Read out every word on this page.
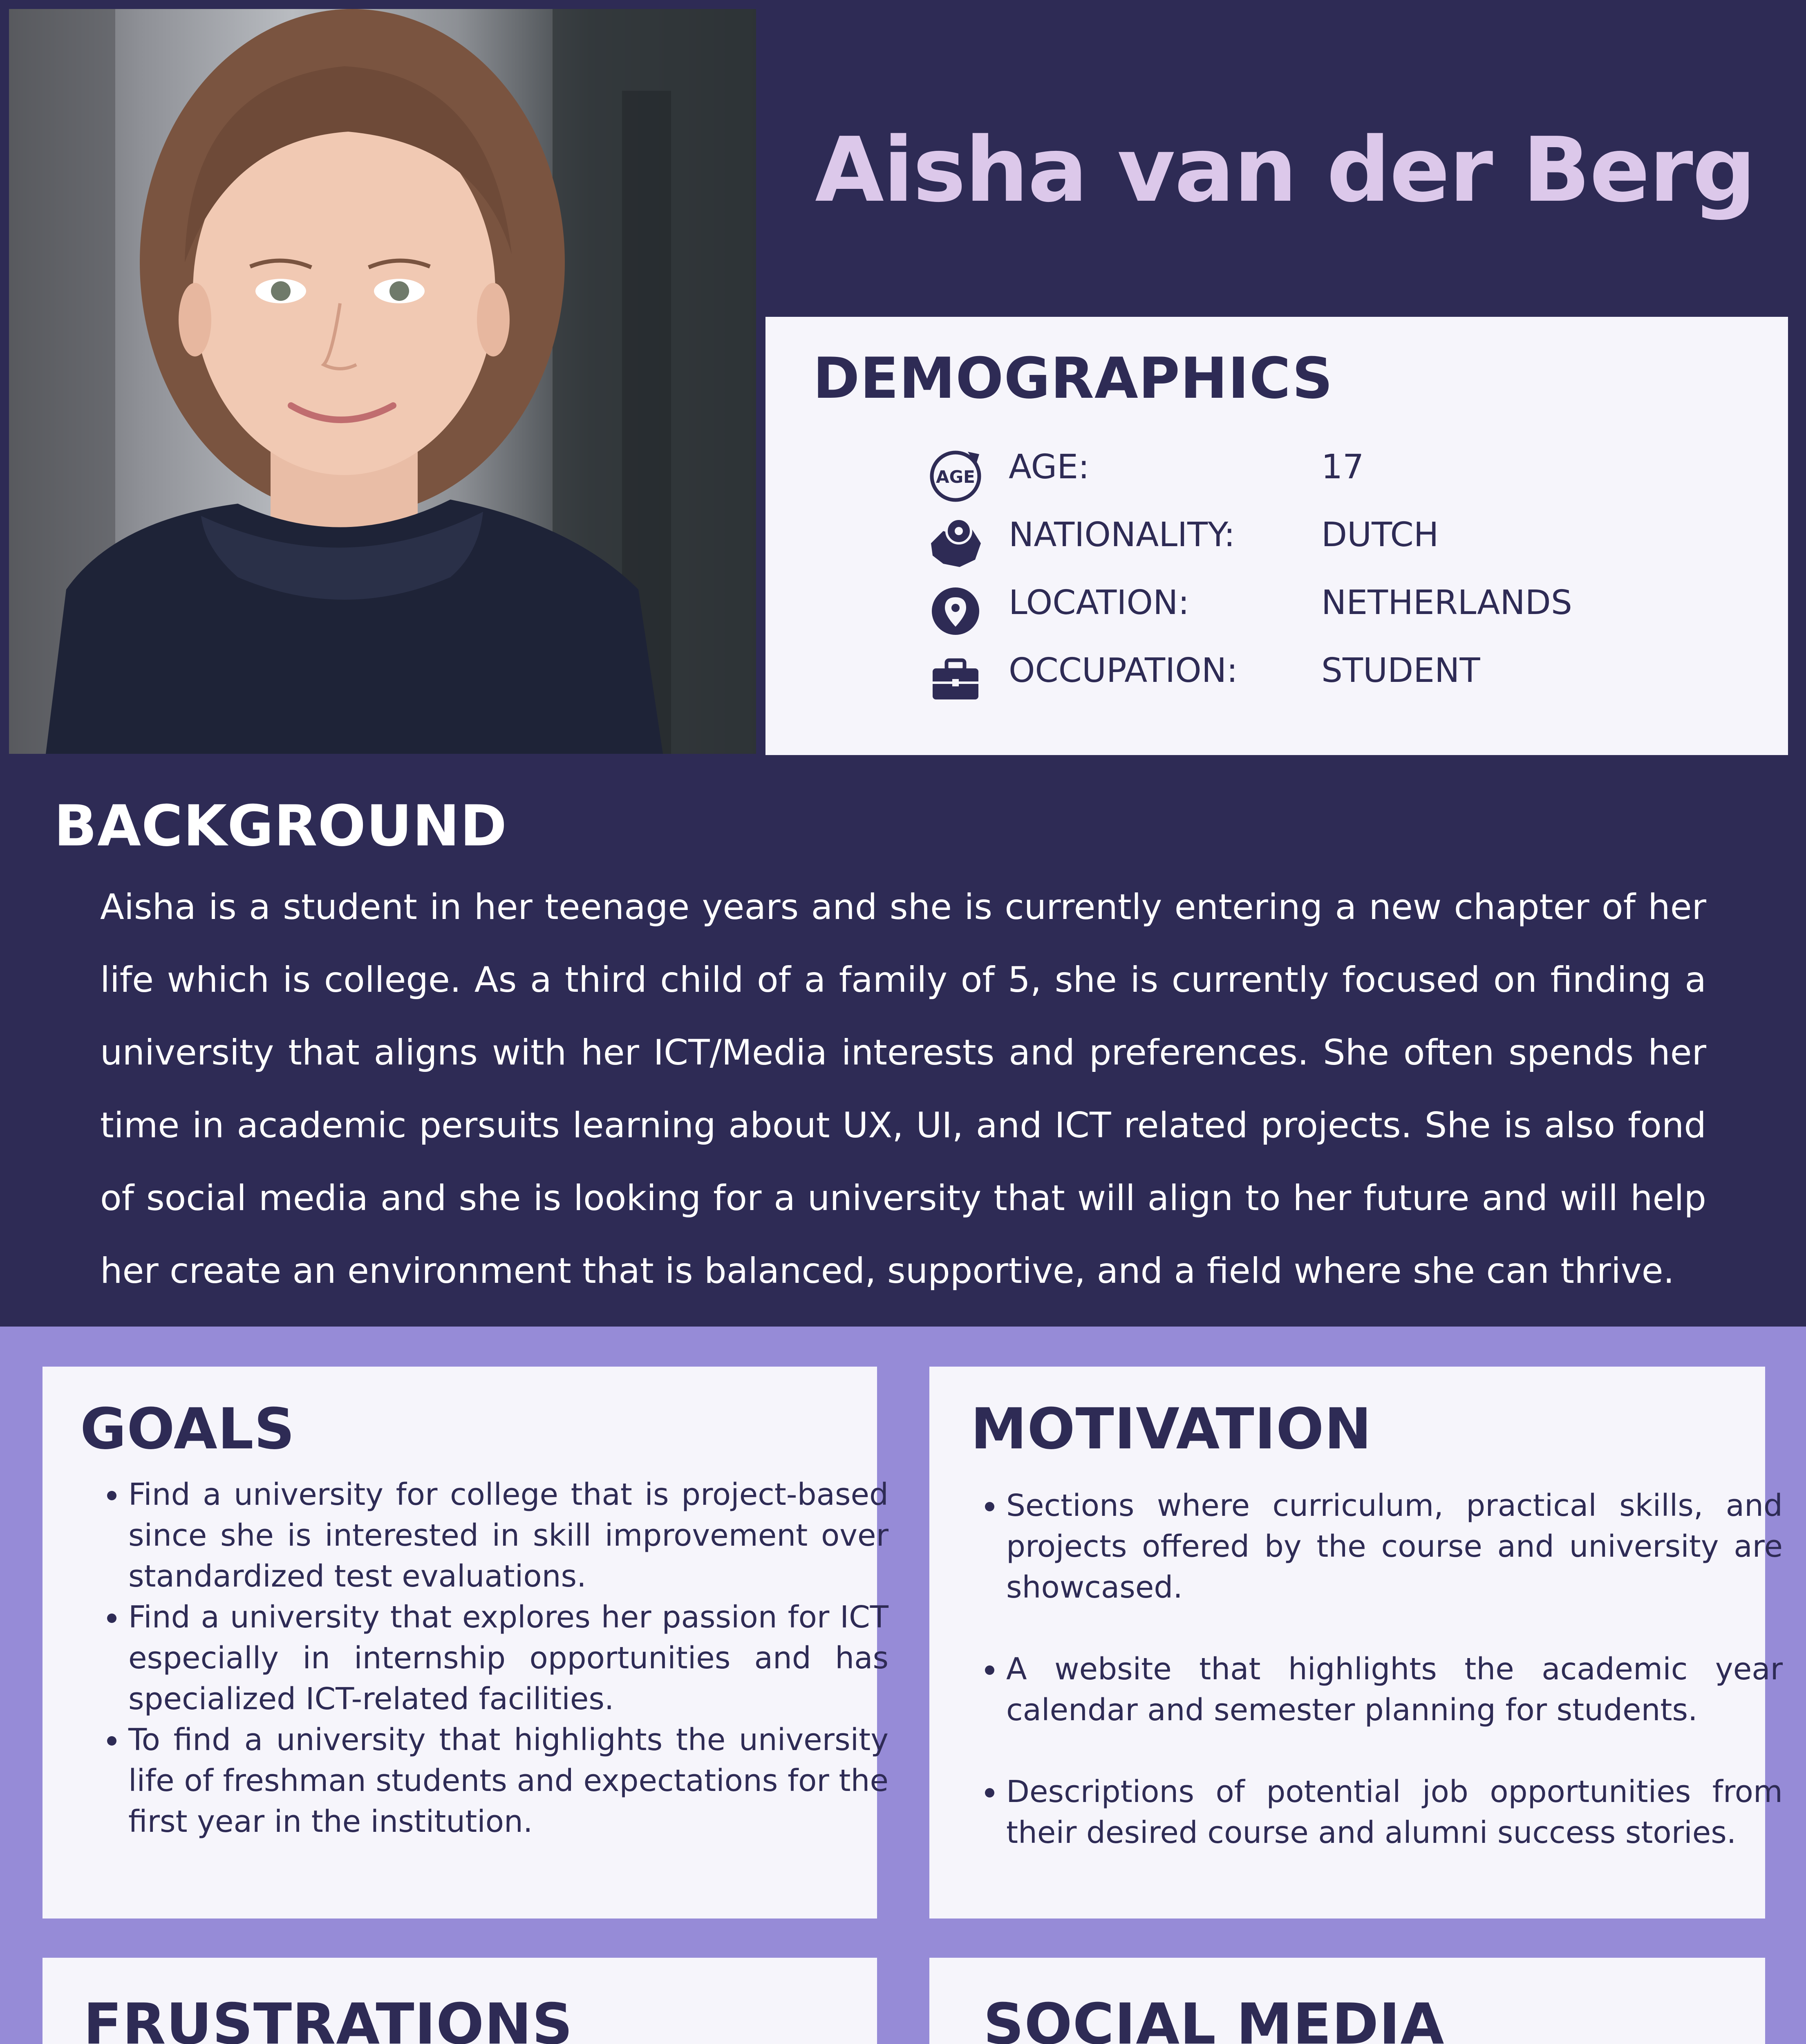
Aisha van der Berg
DEMOGRAPHICS
AGE AGE:	17
NATIONALITY:	DUTCH
LOCATION:	NETHERLANDS
OCCUPATION: STUDENT
BACKGROUND
Aisha is a student in her teenage years and she is currently entering a new chapter of her life which is college. As a third child of a family of 5, she is currently focused on finding a university that aligns with her ICT/Media interests and preferences. She often spends her time in academic persuits learning about UX, UI, and ICT related projects. She is also fond of social media and she is looking for a university that will align to her future and will help her create an environment that is balanced, supportive, and a field where she can thrive.
GOALS
• Find a university for college that is project-based since she is interested in skill improvement over standardized test evaluations.
• Find a university that explores her passion for ICT especially in internship opportunities and has specialized ICT-related facilities.
• To find a university that highlights the university life of freshman students and expectations for the first year in the institution.
MOTIVATION
• Sections where curriculum, practical skills, and projects offered by the course and university are showcased.
• A website that highlights the academic year calendar and semester planning for students.
• Descriptions of potential job opportunities from their desired course and alumni success stories.
FRUSTRATIONS	SOCIAL MEDIA
